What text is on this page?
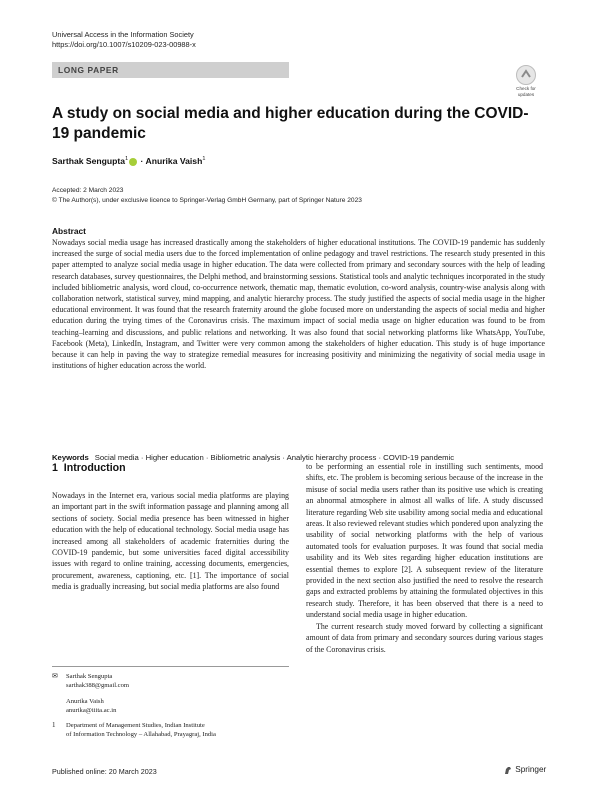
Universal Access in the Information Society
https://doi.org/10.1007/s10209-023-00988-x
LONG PAPER
Check for
updates
A study on social media and higher education during the COVID-19 pandemic
Sarthak Sengupta$^1$ · Anurika Vaish$^1$
Accepted: 2 March 2023
© The Author(s), under exclusive licence to Springer-Verlag GmbH Germany, part of Springer Nature 2023
Abstract
Nowadays social media usage has increased drastically among the stakeholders of higher educational institutions. The COVID-19 pandemic has suddenly increased the surge of social media users due to the forced implementation of online pedagogy and travel restrictions. The research study presented in this paper attempted to analyze social media usage in higher education. The data were collected from primary and secondary sources with the help of leading research databases, survey questionnaires, the Delphi method, and brainstorming sessions. Statistical tools and analytic techniques incorporated in the study included bibliometric analysis, word cloud, co-occurrence network, thematic map, thematic evolution, co-word analysis, country-wise analysis along with collaboration network, statistical survey, mind mapping, and analytic hierarchy process. The study justified the aspects of social media usage in the higher educational environment. It was found that the research fraternity around the globe focused more on understanding the aspects of social media and higher education during the trying times of the Coronavirus crisis. The maximum impact of social media usage on higher education was found to be from teaching–learning and discussions, and public relations and networking. It was also found that social networking platforms like WhatsApp, YouTube, Facebook (Meta), LinkedIn, Instagram, and Twitter were very common among the stakeholders of higher education. This study is of huge importance because it can help in paving the way to strategize remedial measures for increasing positivity and minimizing the negativity of social media usage in institutions of higher education across the world.
Keywords Social media · Higher education · Bibliometric analysis · Analytic hierarchy process · COVID-19 pandemic
1 Introduction

Nowadays in the Internet era, various social media platforms are playing an important part in the swift information passage and planning among all sections of society. Social media presence has been witnessed in higher education with the help of educational technology. Social media usage has increased among all stakeholders of academic fraternities during the COVID-19 pandemic, but some universities faced digital accessibility issues with regard to online training, accessing documents, emergencies, procurement, awareness, captioning, etc. [1]. The importance of social media is gradually increasing, but social media platforms are also found

to be performing an essential role in instilling such sentiments, mood shifts, etc. The problem is becoming serious because of the increase in the misuse of social media users rather than its positive use which is creating an abnormal atmosphere in almost all walks of life. A study discussed literature regarding Web site usability among social media and educational areas. It also reviewed relevant studies which pondered upon analyzing the usability of social networking platforms with the help of various automated tools for evaluation purposes. It was found that social media usability and its Web sites regarding higher education institutions are essential themes to explore [2]. A subsequent review of the literature provided in the next section also justified the need to resolve the research gaps and extracted problems by attaining the formulated objectives in this research study. Therefore, it has been observed that there is a need to understand social media usage in higher education.

The current research study moved forward by collecting a significant amount of data from primary and secondary sources during various stages of the Coronavirus crisis.

✉ Sarthak Sengupta
sarthak388@gmail.com
Anurika Vaish
anurika@iiita.ac.in
1 Department of Management Studies, Indian Institute
of Information Technology – Allahabad, Prayagraj, India
Published online: 20 March 2023	Springer
